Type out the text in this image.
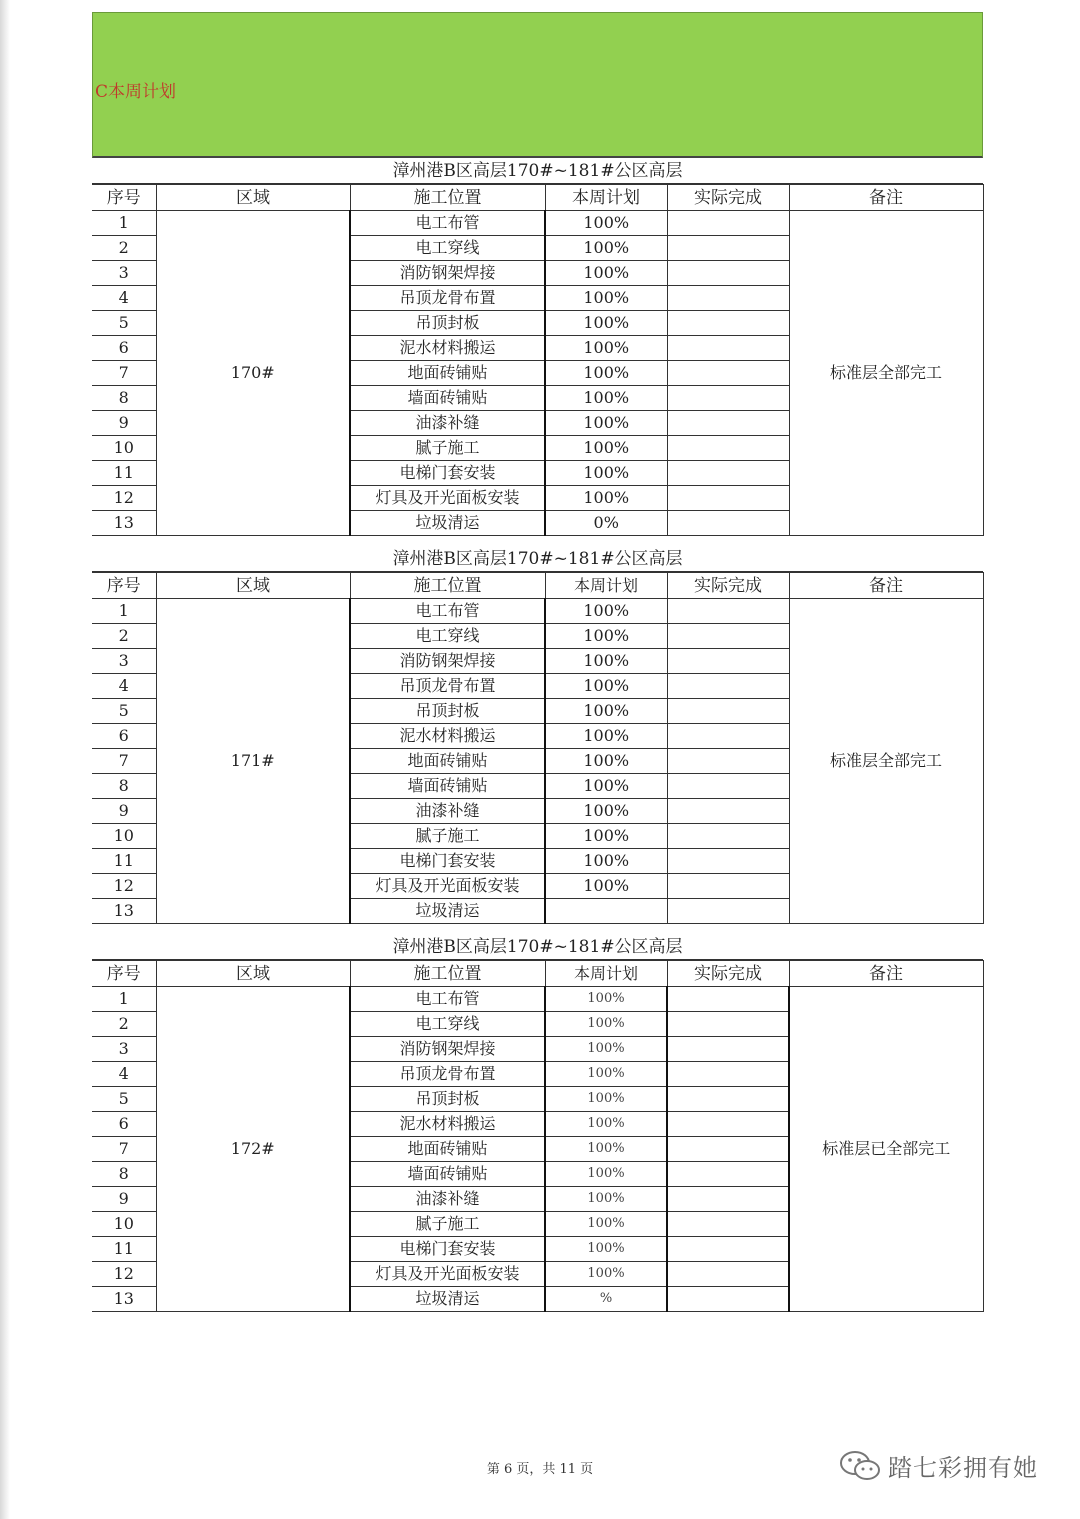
C本周计划
漳州港B区高层170#~181#公区高层
序号	区域	施工位置	本周计划	实际完成	备注
1	170#	电工布管	100%		标准层全部完工
2		电工穿线	100%		
3		消防钢架焊接	100%		
4		吊顶龙骨布置	100%		
5		吊顶封板	100%		
6		泥水材料搬运	100%		
7		地面砖铺贴	100%		
8		墙面砖铺贴	100%		
9		油漆补缝	100%		
10		腻子施工	100%		
11		电梯门套安装	100%		
12		灯具及开光面板安装	100%		
13		垃圾清运	0%		
漳州港B区高层170#~181#公区高层
序号	区域	施工位置	本周计划	实际完成	备注
1	171#	电工布管	100%		标准层全部完工
2		电工穿线	100%		
3		消防钢架焊接	100%		
4		吊顶龙骨布置	100%		
5		吊顶封板	100%		
6		泥水材料搬运	100%		
7		地面砖铺贴	100%		
8		墙面砖铺贴	100%		
9		油漆补缝	100%		
10		腻子施工	100%		
11		电梯门套安装	100%		
12		灯具及开光面板安装	100%		
13		垃圾清运			
漳州港B区高层170#~181#公区高层
序号	区域	施工位置	本周计划	实际完成	备注
1	172#	电工布管	100%		标准层已全部完工
2		电工穿线	100%		
3		消防钢架焊接	100%		
4		吊顶龙骨布置	100%		
5		吊顶封板	100%		
6		泥水材料搬运	100%		
7		地面砖铺贴	100%		
8		墙面砖铺贴	100%		
9		油漆补缝	100%		
10		腻子施工	100%		
11		电梯门套安装	100%		
12		灯具及开光面板安装	100%		
13		垃圾清运	%		
第 6 页，共 11 页	踏七彩拥有她
